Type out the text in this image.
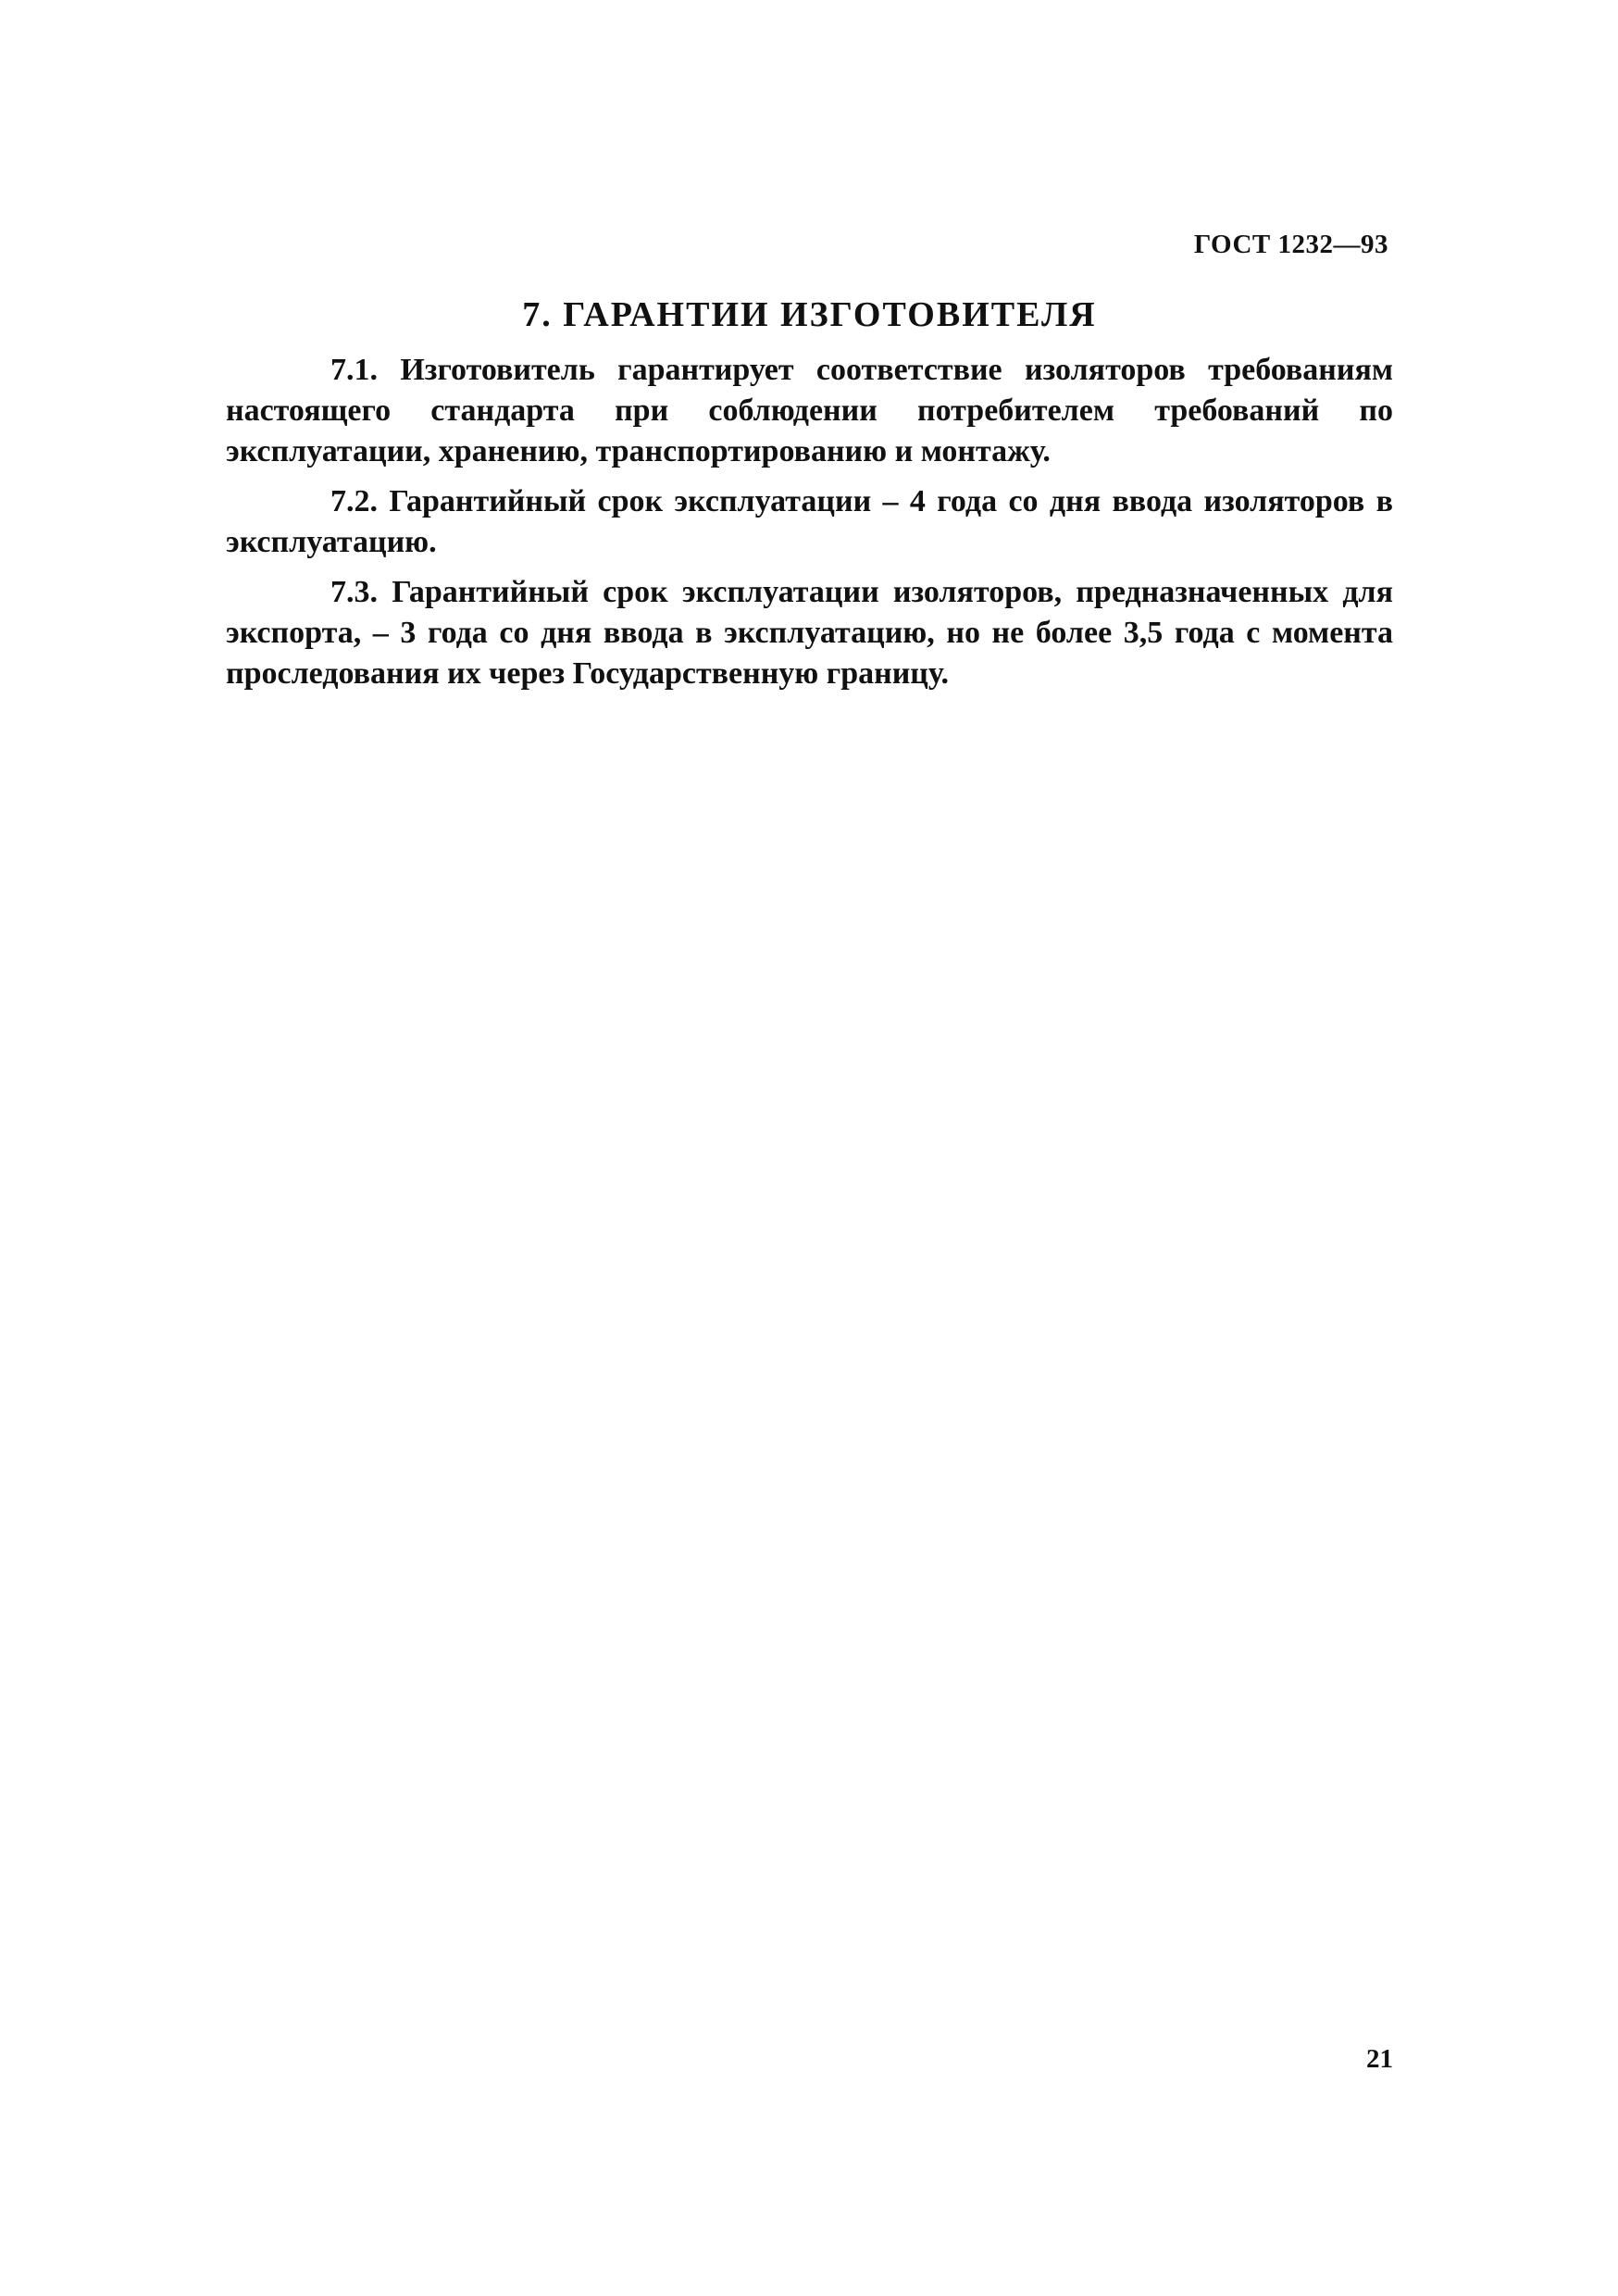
ГОСТ 1232—93
7. ГАРАНТИИ ИЗГОТОВИТЕЛЯ

7.1. Изготовитель гарантирует соответствие изоляторов требованиям настоящего стандарта при соблюдении потребителем требований по эксплуатации, хранению, транспортированию и монтажу.

7.2. Гарантийный срок эксплуатации – 4 года со дня ввода изоляторов в эксплуатацию.

7.3. Гарантийный срок эксплуатации изоляторов, предназначенных для экспорта, – 3 года со дня ввода в эксплуатацию, но не более 3,5 года с момента проследования их через Государственную границу.

21
